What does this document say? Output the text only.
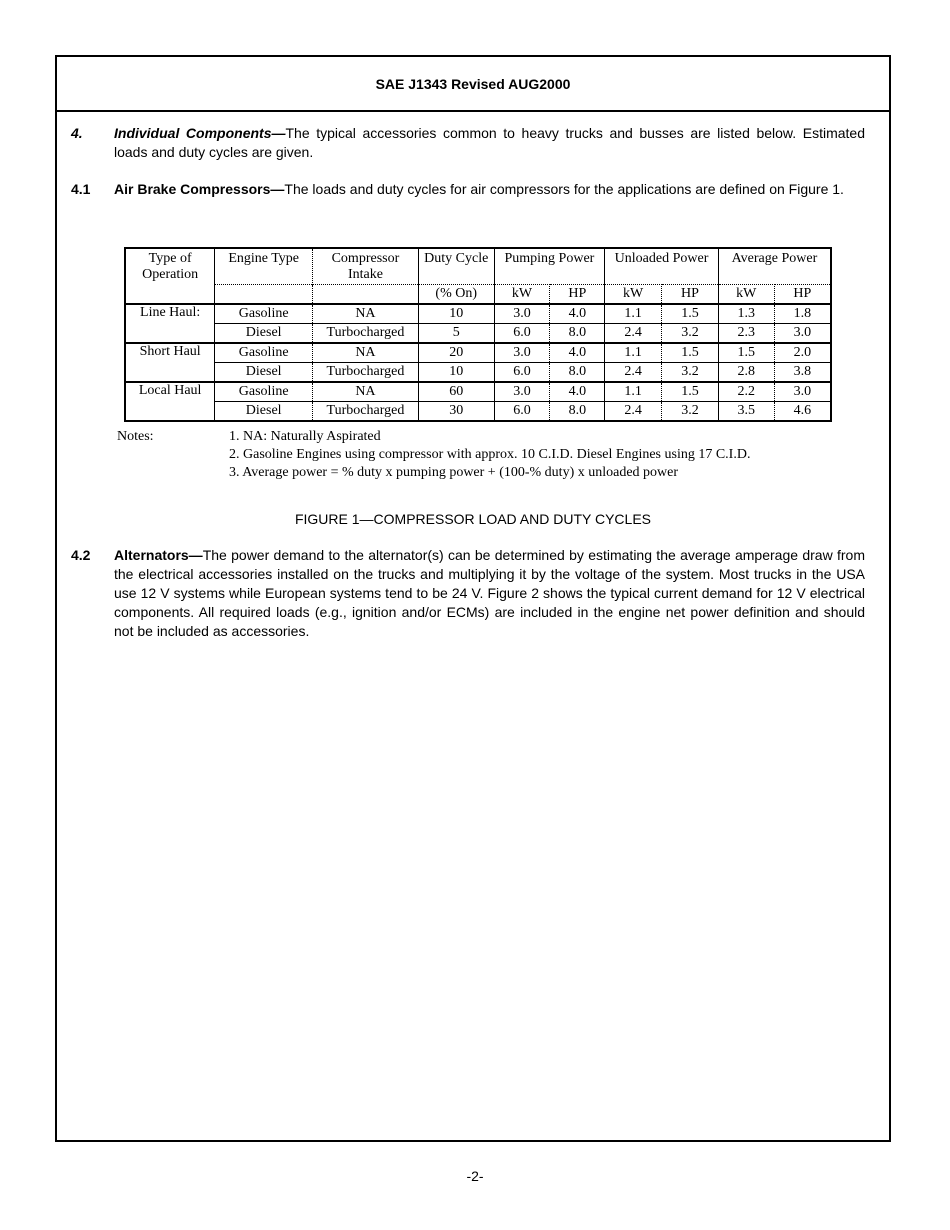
SAE J1343 Revised AUG2000
4. Individual Components—The typical accessories common to heavy trucks and busses are listed below. Estimated loads and duty cycles are given.
4.1 Air Brake Compressors—The loads and duty cycles for air compressors for the applications are defined on Figure 1.
Type of Operation	Engine Type	Compressor Intake	Duty Cycle	Pumping Power		Unloaded Power		Average Power	
			(% On)	kW	HP	kW	HP	kW	HP
Line Haul:	Gasoline	NA	10	3.0	4.0	1.1	1.5	1.3	1.8
	Diesel	Turbocharged	5	6.0	8.0	2.4	3.2	2.3	3.0
Short Haul	Gasoline	NA	20	3.0	4.0	1.1	1.5	1.5	2.0
	Diesel	Turbocharged	10	6.0	8.0	2.4	3.2	2.8	3.8
Local Haul	Gasoline	NA	60	3.0	4.0	1.1	1.5	2.2	3.0
	Diesel	Turbocharged	30	6.0	8.0	2.4	3.2	3.5	4.6
Notes:	1. NA: Naturally Aspirated
2. Gasoline Engines using compressor with approx. 10 C.I.D. Diesel Engines using 17 C.I.D.
3. Average power = % duty x pumping power + (100-% duty) x unloaded power
FIGURE 1—COMPRESSOR LOAD AND DUTY CYCLES
4.2 Alternators—The power demand to the alternator(s) can be determined by estimating the average amperage draw from the electrical accessories installed on the trucks and multiplying it by the voltage of the system. Most trucks in the USA use 12 V systems while European systems tend to be 24 V. Figure 2 shows the typical current demand for 12 V electrical components. All required loads (e.g., ignition and/or ECMs) are included in the engine net power definition and should not be included as accessories.
-2-
